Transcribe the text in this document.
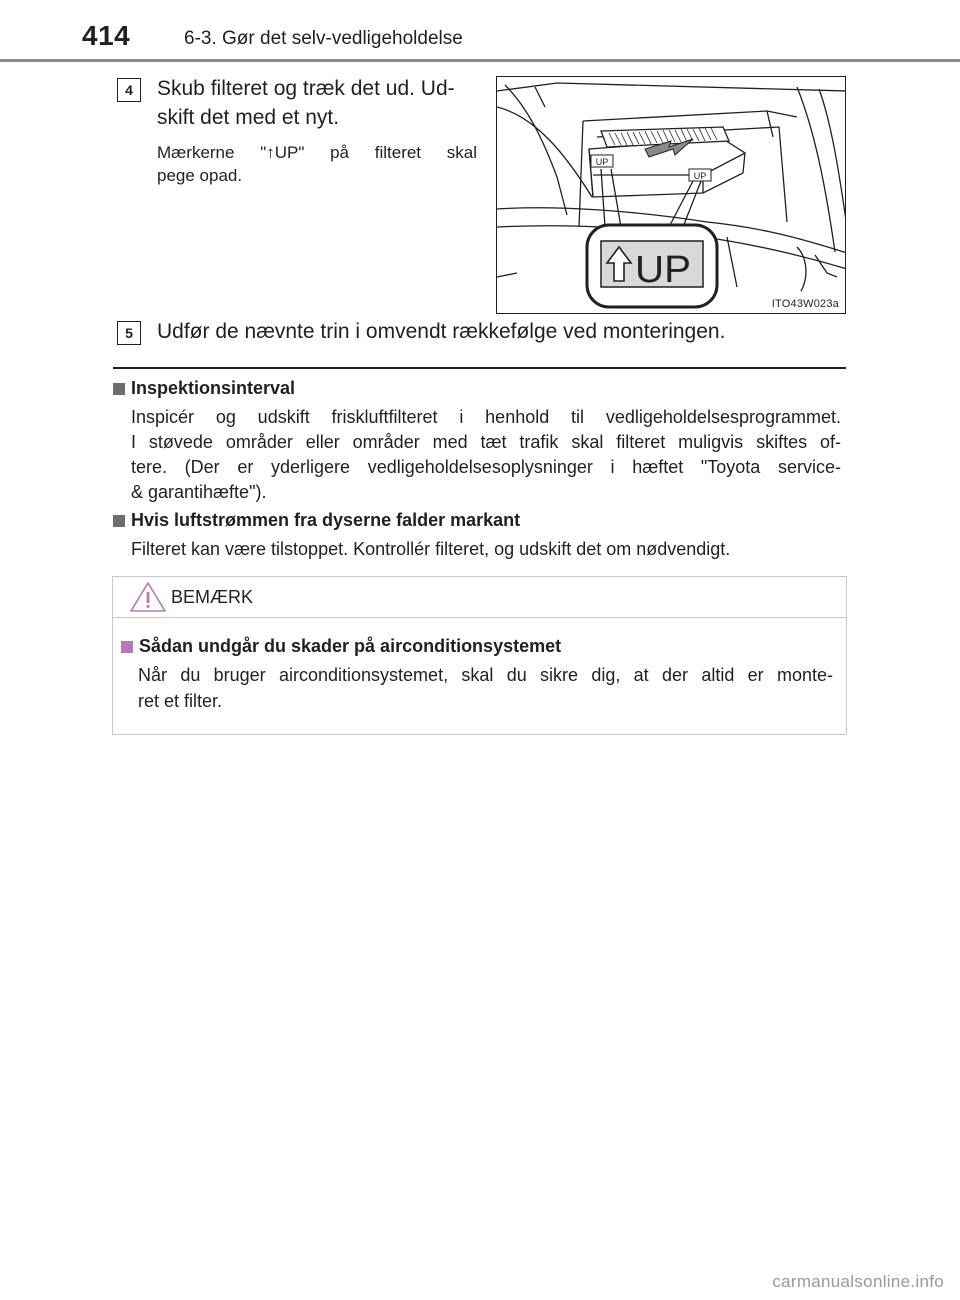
414	6-3. Gør det selv-vedligeholdelse
4	Skub filteret og træk det ud. Ud-
skift det med et nyt.
Mærkerne "↑UP" på filteret skal
pege opad.
UP
UP
UP
ITO43W023a
5	Udfør de nævnte trin i omvendt rækkefølge ved monteringen.
Inspektionsinterval
Inspicér og udskift friskluftfilteret i henhold til vedligeholdelsesprogrammet.
I støvede områder eller områder med tæt trafik skal filteret muligvis skiftes of-
tere. (Der er yderligere vedligeholdelsesoplysninger i hæftet "Toyota service-
& garantihæfte").
Hvis luftstrømmen fra dyserne falder markant
Filteret kan være tilstoppet. Kontrollér filteret, og udskift det om nødvendigt.
BEMÆRK
Sådan undgår du skader på airconditionsystemet
Når du bruger airconditionsystemet, skal du sikre dig, at der altid er monte-
ret et filter.
carmanualsonline.info
